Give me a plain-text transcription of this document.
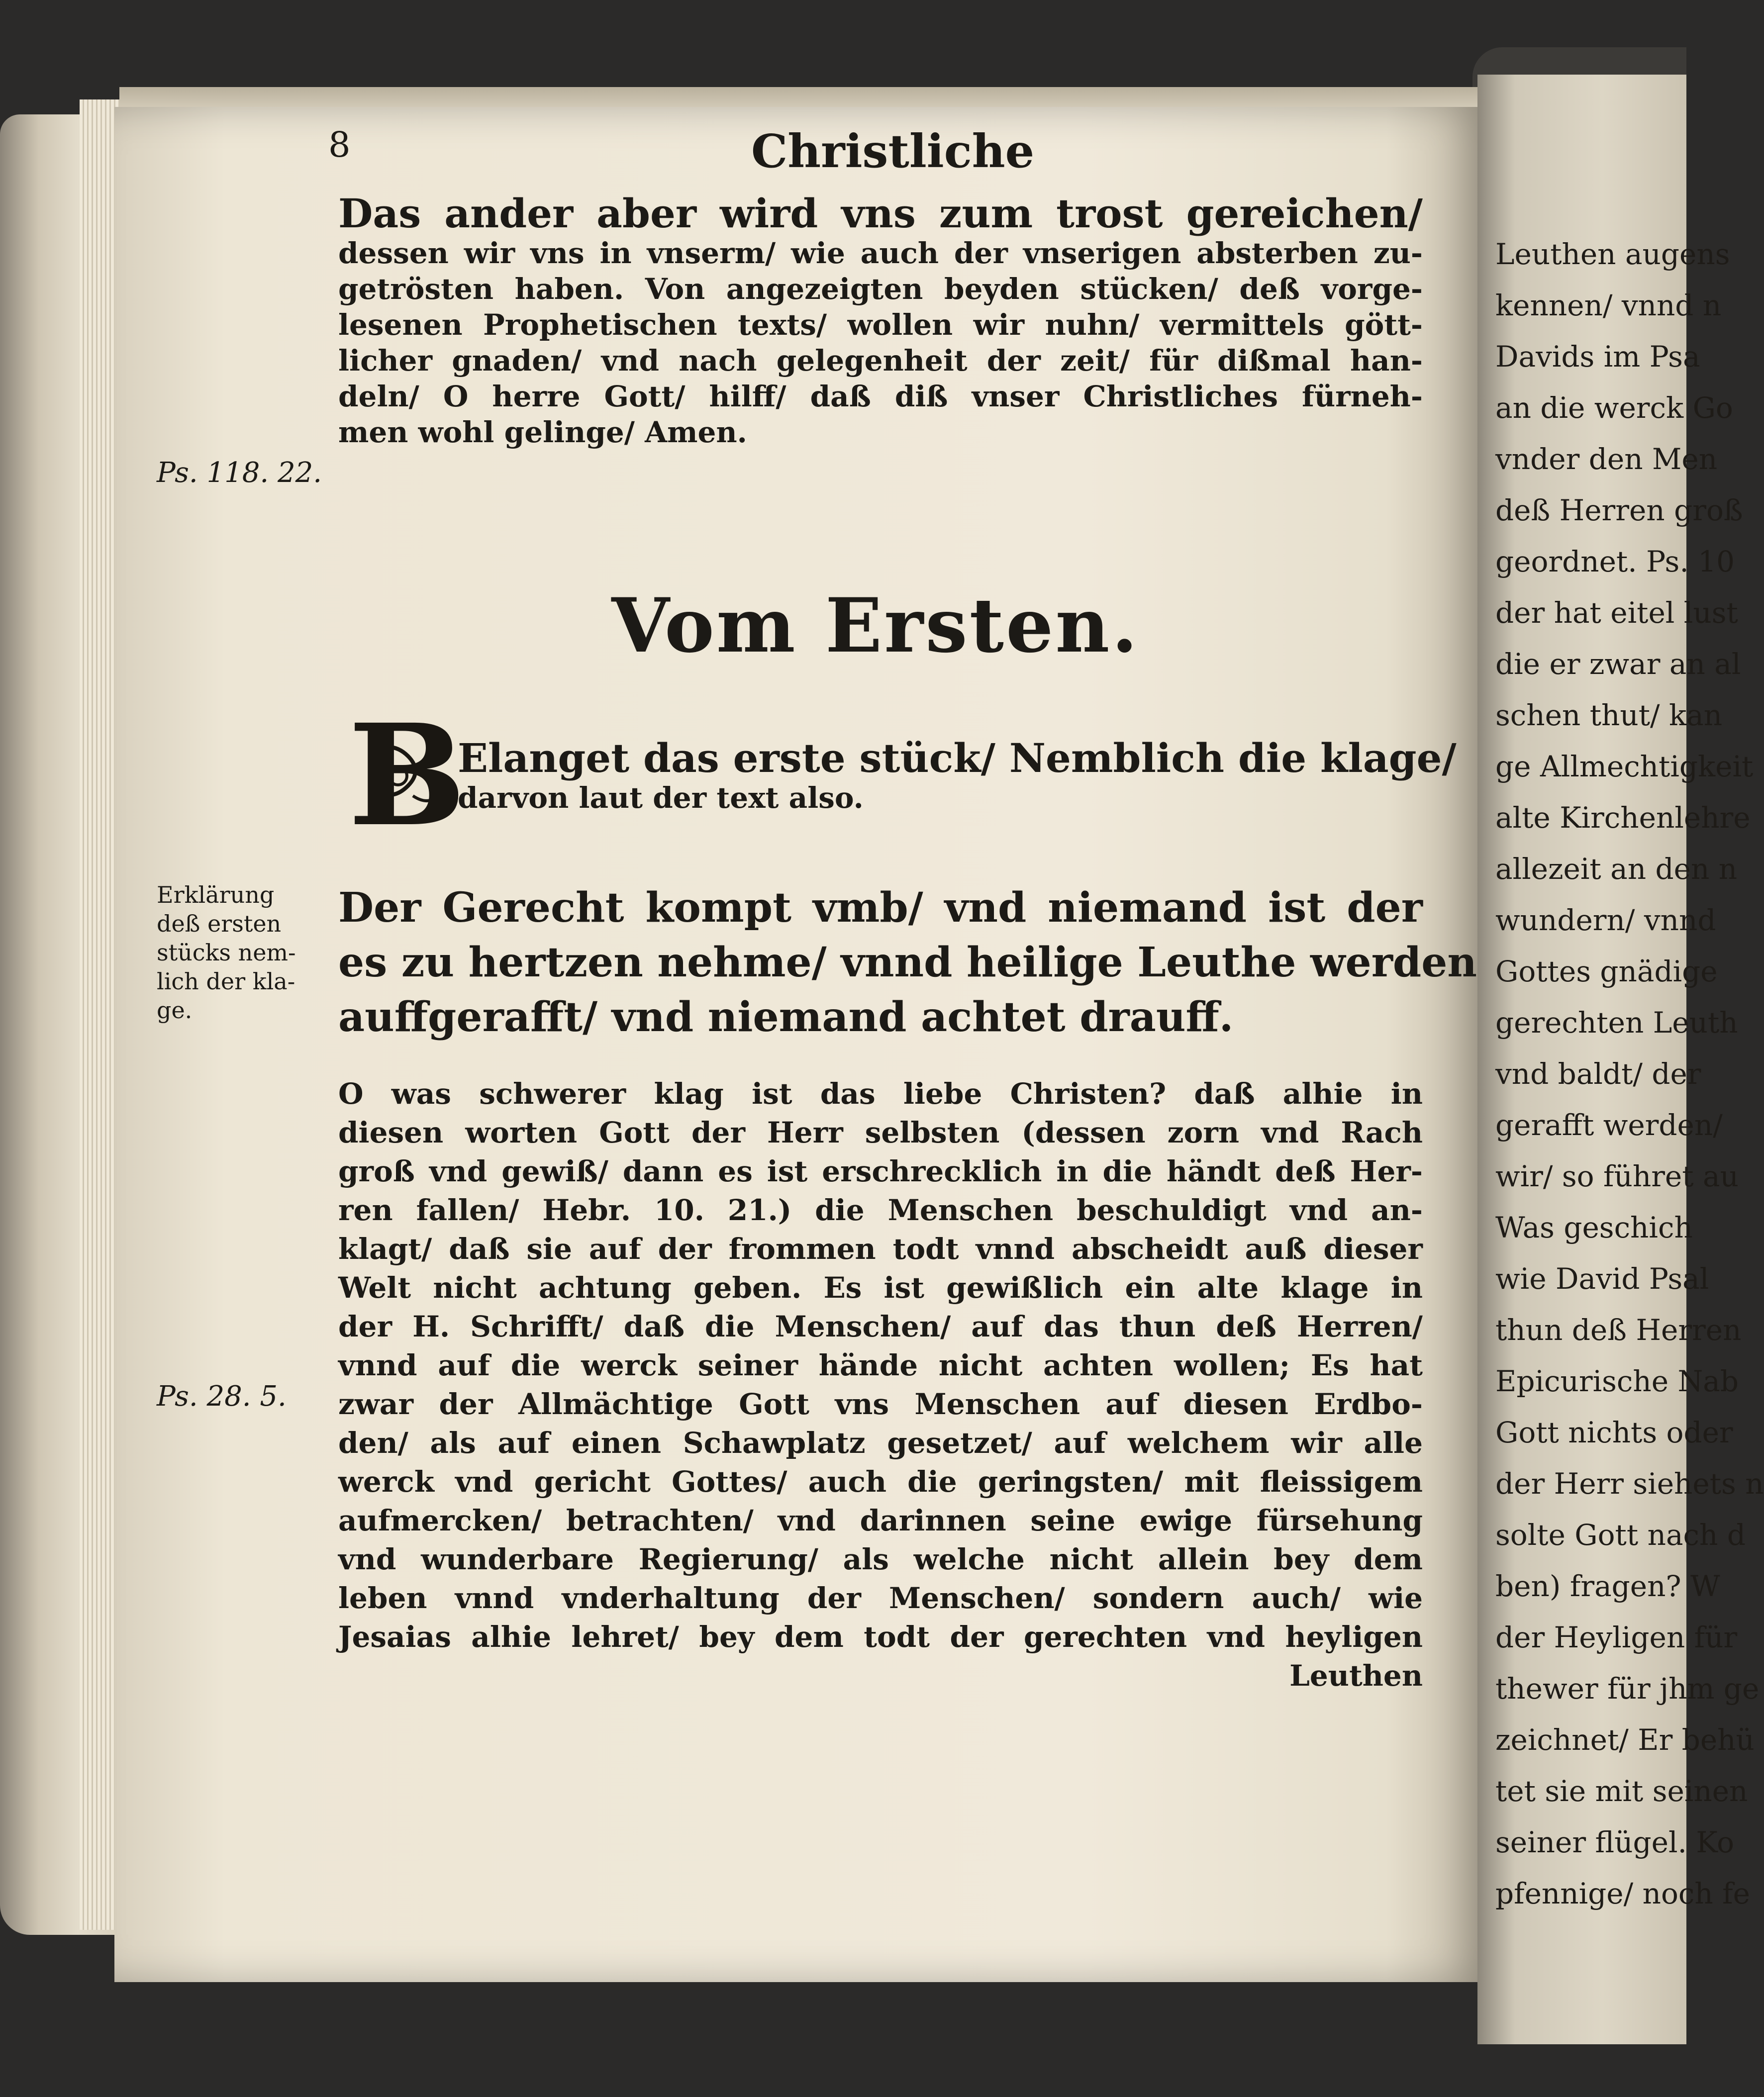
Leuthen augens
kennen/ vnnd n
Davids im Psa
an die werck Go
vnder den Men
deß Herren groß
geordnet. Ps. 10
der hat eitel lust
die er zwar an al
schen thut/ kan
ge Allmechtigkeit
alte Kirchenlehre
allezeit an den n
wundern/ vnnd
Gottes gnädige
gerechten Leuth
vnd baldt/ der
gerafft werden/
wir/ so führet au
Was geschich
wie David Psal
thun deß Herren
Epicurische Nab
Gott nichts oder
der Herr siehets n
solte Gott nach d
ben) fragen? W
der Heyligen für
thewer für jhm ge
zeichnet/ Er behü
tet sie mit seinen
seiner flügel. Ko
pfennige/ noch fe
8	Christliche
Das ander aber wird vns zum trost gereichen/
dessen wir vns in vnserm/ wie auch der vnserigen absterben zu-
getrösten haben. Von angezeigten beyden stücken/ deß vorge-
lesenen Prophetischen texts/ wollen wir nuhn/ vermittels gött-
licher gnaden/ vnd nach gelegenheit der zeit/ für dißmal han-
deln/ O herre Gott/ hilff/ daß diß vnser Christliches fürneh-
men wohl gelinge/ Amen.
Vom Ersten.
B
Elanget das erste stück/ Nemblich die klage/
darvon laut der text also.
Der Gerecht kompt vmb/ vnd niemand ist der
es zu hertzen nehme/ vnnd heilige Leuthe werden
auffgerafft/ vnd niemand achtet drauff.
O was schwerer klag ist das liebe Christen? daß alhie in
diesen worten Gott der Herr selbsten (dessen zorn vnd Rach
groß vnd gewiß/ dann es ist erschrecklich in die händt deß Her-
ren fallen/ Hebr. 10. 21.) die Menschen beschuldigt vnd an-
klagt/ daß sie auf der frommen todt vnnd abscheidt auß dieser
Welt nicht achtung geben. Es ist gewißlich ein alte klage in
der H. Schrifft/ daß die Menschen/ auf das thun deß Herren/
vnnd auf die werck seiner hände nicht achten wollen; Es hat
zwar der Allmächtige Gott vns Menschen auf diesen Erdbo-
den/ als auf einen Schawplatz gesetzet/ auf welchem wir alle
werck vnd gericht Gottes/ auch die geringsten/ mit fleissigem
aufmercken/ betrachten/ vnd darinnen seine ewige fürsehung
vnd wunderbare Regierung/ als welche nicht allein bey dem
leben vnnd vnderhaltung der Menschen/ sondern auch/ wie
Jesaias alhie lehret/ bey dem todt der gerechten vnd heyligen
Leuthen
Ps. 118. 22.
Erklärung
deß ersten
stücks nem-
lich der kla-
ge.
Ps. 28. 5.
